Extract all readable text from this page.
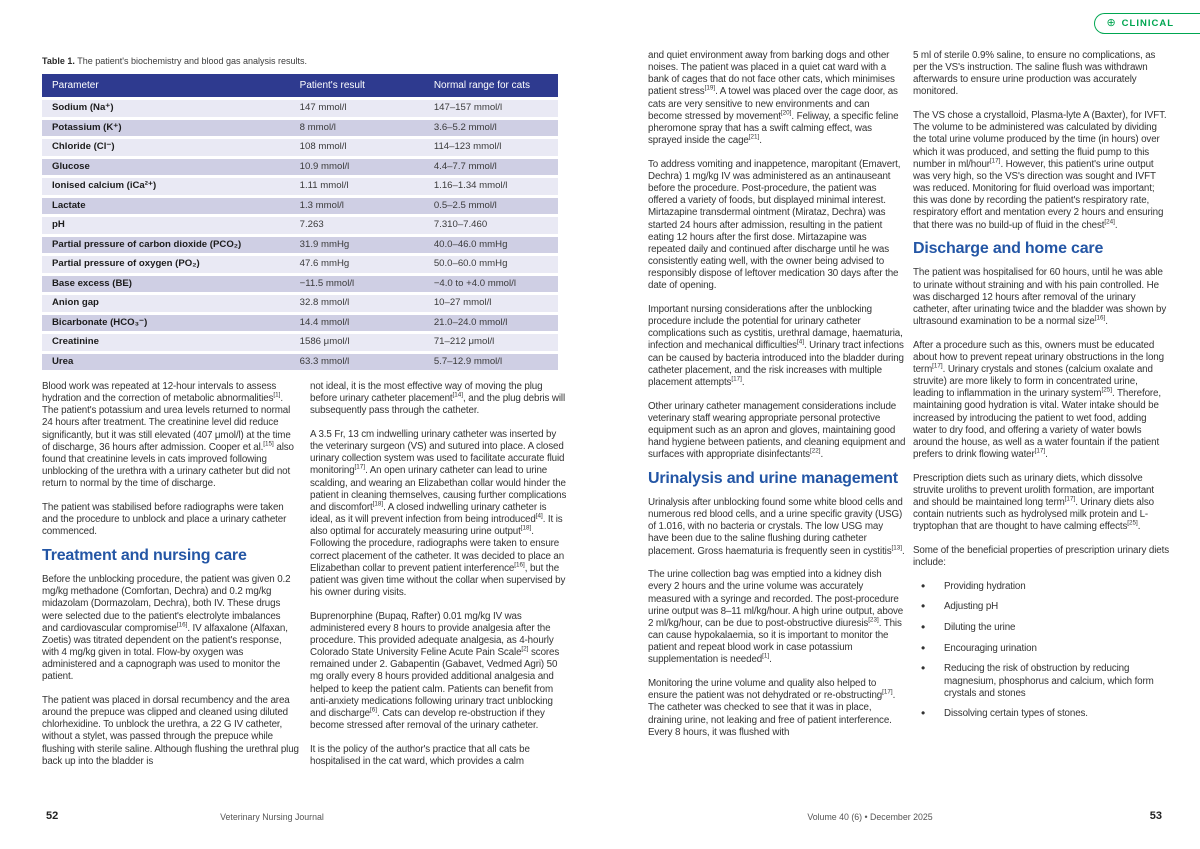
⊕ CLINICAL

Table 1. The patient's biochemistry and blood gas analysis results.

Parameter	Patient's result	Normal range for cats
Sodium (Na⁺)	147 mmol/l	147–157 mmol/l
Potassium (K⁺)	8 mmol/l	3.6–5.2 mmol/l
Chloride (Cl⁻)	108 mmol/l	114–123 mmol/l
Glucose	10.9 mmol/l	4.4–7.7 mmol/l
Ionised calcium (iCa²⁺)	1.11 mmol/l	1.16–1.34 mmol/l
Lactate	1.3 mmol/l	0.5–2.5 mmol/l
pH	7.263	7.310–7.460
Partial pressure of carbon dioxide (PCO₂)	31.9 mmHg	40.0–46.0 mmHg
Partial pressure of oxygen (PO₂)	47.6 mmHg	50.0–60.0 mmHg
Base excess (BE)	−11.5 mmol/l	−4.0 to +4.0 mmol/l
Anion gap	32.8 mmol/l	10–27 mmol/l
Bicarbonate (HCO₃⁻)	14.4 mmol/l	21.0–24.0 mmol/l
Creatinine	1586 μmol/l	71–212 μmol/l
Urea	63.3 mmol/l	5.7–12.9 mmol/l

Blood work was repeated at 12-hour intervals to assess hydration and the correction of metabolic abnormalities[1]. The patient's potassium and urea levels returned to normal 24 hours after treatment. The creatinine level did reduce significantly, but it was still elevated (407 μmol/l) at the time of discharge, 36 hours after admission. Cooper et al.[15] also found that creatinine levels in cats improved following unblocking of the urethra with a urinary catheter but did not return to normal by the time of discharge.

The patient was stabilised before radiographs were taken and the procedure to unblock and place a urinary catheter commenced.

Treatment and nursing care

Before the unblocking procedure, the patient was given 0.2 mg/kg methadone (Comfortan, Dechra) and 0.2 mg/kg midazolam (Dormazolam, Dechra), both IV. These drugs were selected due to the patient's electrolyte imbalances and cardiovascular compromise[16]. IV alfaxalone (Alfaxan, Zoetis) was titrated dependent on the patient's response, with 4 mg/kg given in total. Flow-by oxygen was administered and a capnograph was used to monitor the patient.

The patient was placed in dorsal recumbency and the area around the prepuce was clipped and cleaned using diluted chlorhexidine. To unblock the urethra, a 22 G IV catheter, without a stylet, was passed through the prepuce while flushing with sterile saline. Although flushing the urethral plug back up into the bladder is

not ideal, it is the most effective way of moving the plug before urinary catheter placement[14], and the plug debris will subsequently pass through the catheter.

A 3.5 Fr, 13 cm indwelling urinary catheter was inserted by the veterinary surgeon (VS) and sutured into place. A closed urinary collection system was used to facilitate accurate fluid monitoring[17]. An open urinary catheter can lead to urine scalding, and wearing an Elizabethan collar would hinder the patient in cleaning themselves, causing further complications and discomfort[18]. A closed indwelling urinary catheter is ideal, as it will prevent infection from being introduced[4]. It is also optimal for accurately measuring urine output[18]. Following the procedure, radiographs were taken to ensure correct placement of the catheter. It was decided to place an Elizabethan collar to prevent patient interference[16], but the patient was given time without the collar when supervised by his owner during visits.

Buprenorphine (Bupaq, Rafter) 0.01 mg/kg IV was administered every 8 hours to provide analgesia after the procedure. This provided adequate analgesia, as 4-hourly Colorado State University Feline Acute Pain Scale[2] scores remained under 2. Gabapentin (Gabavet, Vedmed Agri) 50 mg orally every 8 hours provided additional analgesia and helped to keep the patient calm. Patients can benefit from anti-anxiety medications following urinary tract unblocking and discharge[6]. Cats can develop re-obstruction if they become stressed after removal of the urinary catheter.

It is the policy of the author's practice that all cats be hospitalised in the cat ward, which provides a calm

52	Veterinary Nursing Journal

and quiet environment away from barking dogs and other noises. The patient was placed in a quiet cat ward with a bank of cages that do not face other cats, which minimises patient stress[19]. A towel was placed over the cage door, as cats are very sensitive to new environments and can become stressed by movement[20]. Feliway, a specific feline pheromone spray that has a swift calming effect, was sprayed inside the cage[21].

To address vomiting and inappetence, maropitant (Emavert, Dechra) 1 mg/kg IV was administered as an antinauseant before the procedure. Post-procedure, the patient was offered a variety of foods, but displayed minimal interest. Mirtazapine transdermal ointment (Mirataz, Dechra) was started 24 hours after admission, resulting in the patient eating 12 hours after the first dose. Mirtazapine was repeated daily and continued after discharge until he was consistently eating well, with the owner being advised to responsibly dispose of leftover medication 30 days after the date of opening.

Important nursing considerations after the unblocking procedure include the potential for urinary catheter complications such as cystitis, urethral damage, haematuria, infection and mechanical difficulties[4]. Urinary tract infections can be caused by bacteria introduced into the bladder during catheter placement, and the risk increases with multiple placement attempts[17].

Other urinary catheter management considerations include veterinary staff wearing appropriate personal protective equipment such as an apron and gloves, maintaining good hand hygiene between patients, and cleaning equipment and surfaces with appropriate disinfectants[22].

Urinalysis and urine management

Urinalysis after unblocking found some white blood cells and numerous red blood cells, and a urine specific gravity (USG) of 1.016, with no bacteria or crystals. The low USG may have been due to the saline flushing during catheter placement. Gross haematuria is frequently seen in cystitis[13].

The urine collection bag was emptied into a kidney dish every 2 hours and the urine volume was accurately measured with a syringe and recorded. The post-procedure urine output was 8–11 ml/kg/hour. A high urine output, above 2 ml/kg/hour, can be due to post-obstructive diuresis[23]. This can cause hypokalaemia, so it is important to monitor the patient and repeat blood work in case potassium supplementation is needed[1].

Monitoring the urine volume and quality also helped to ensure the patient was not dehydrated or re-obstructing[17]. The catheter was checked to see that it was in place, draining urine, not leaking and free of patient interference. Every 8 hours, it was flushed with

5 ml of sterile 0.9% saline, to ensure no complications, as per the VS's instruction. The saline flush was withdrawn afterwards to ensure urine production was accurately monitored.

The VS chose a crystalloid, Plasma-lyte A (Baxter), for IVFT. The volume to be administered was calculated by dividing the total urine volume produced by the time (in hours) over which it was produced, and setting the fluid pump to this number in ml/hour[17]. However, this patient's urine output was very high, so the VS's direction was sought and IVFT was reduced. Monitoring for fluid overload was important; this was done by recording the patient's respiratory rate, respiratory effort and mentation every 2 hours and ensuring that there was no build-up of fluid in the chest[24].

Discharge and home care

The patient was hospitalised for 60 hours, until he was able to urinate without straining and with his pain controlled. He was discharged 12 hours after removal of the urinary catheter, after urinating twice and the bladder was shown by ultrasound examination to be a normal size[16].

After a procedure such as this, owners must be educated about how to prevent repeat urinary obstructions in the long term[17]. Urinary crystals and stones (calcium oxalate and struvite) are more likely to form in concentrated urine, leading to inflammation in the urinary system[25]. Therefore, maintaining good hydration is vital. Water intake should be increased by introducing the patient to wet food, adding water to dry food, and offering a variety of water bowls around the house, as well as a water fountain if the patient prefers to drink flowing water[17].

Prescription diets such as urinary diets, which dissolve struvite uroliths to prevent urolith formation, are important and should be maintained long term[17]. Urinary diets also contain nutrients such as hydrolysed milk protein and L-tryptophan that are thought to have calming effects[25].

Some of the beneficial properties of prescription urinary diets include:

• Providing hydration
• Adjusting pH
• Diluting the urine
• Encouraging urination
• Reducing the risk of obstruction by reducing magnesium, phosphorus and calcium, which form crystals and stones
• Dissolving certain types of stones.
Volume 40 (6) • December 2025	53
